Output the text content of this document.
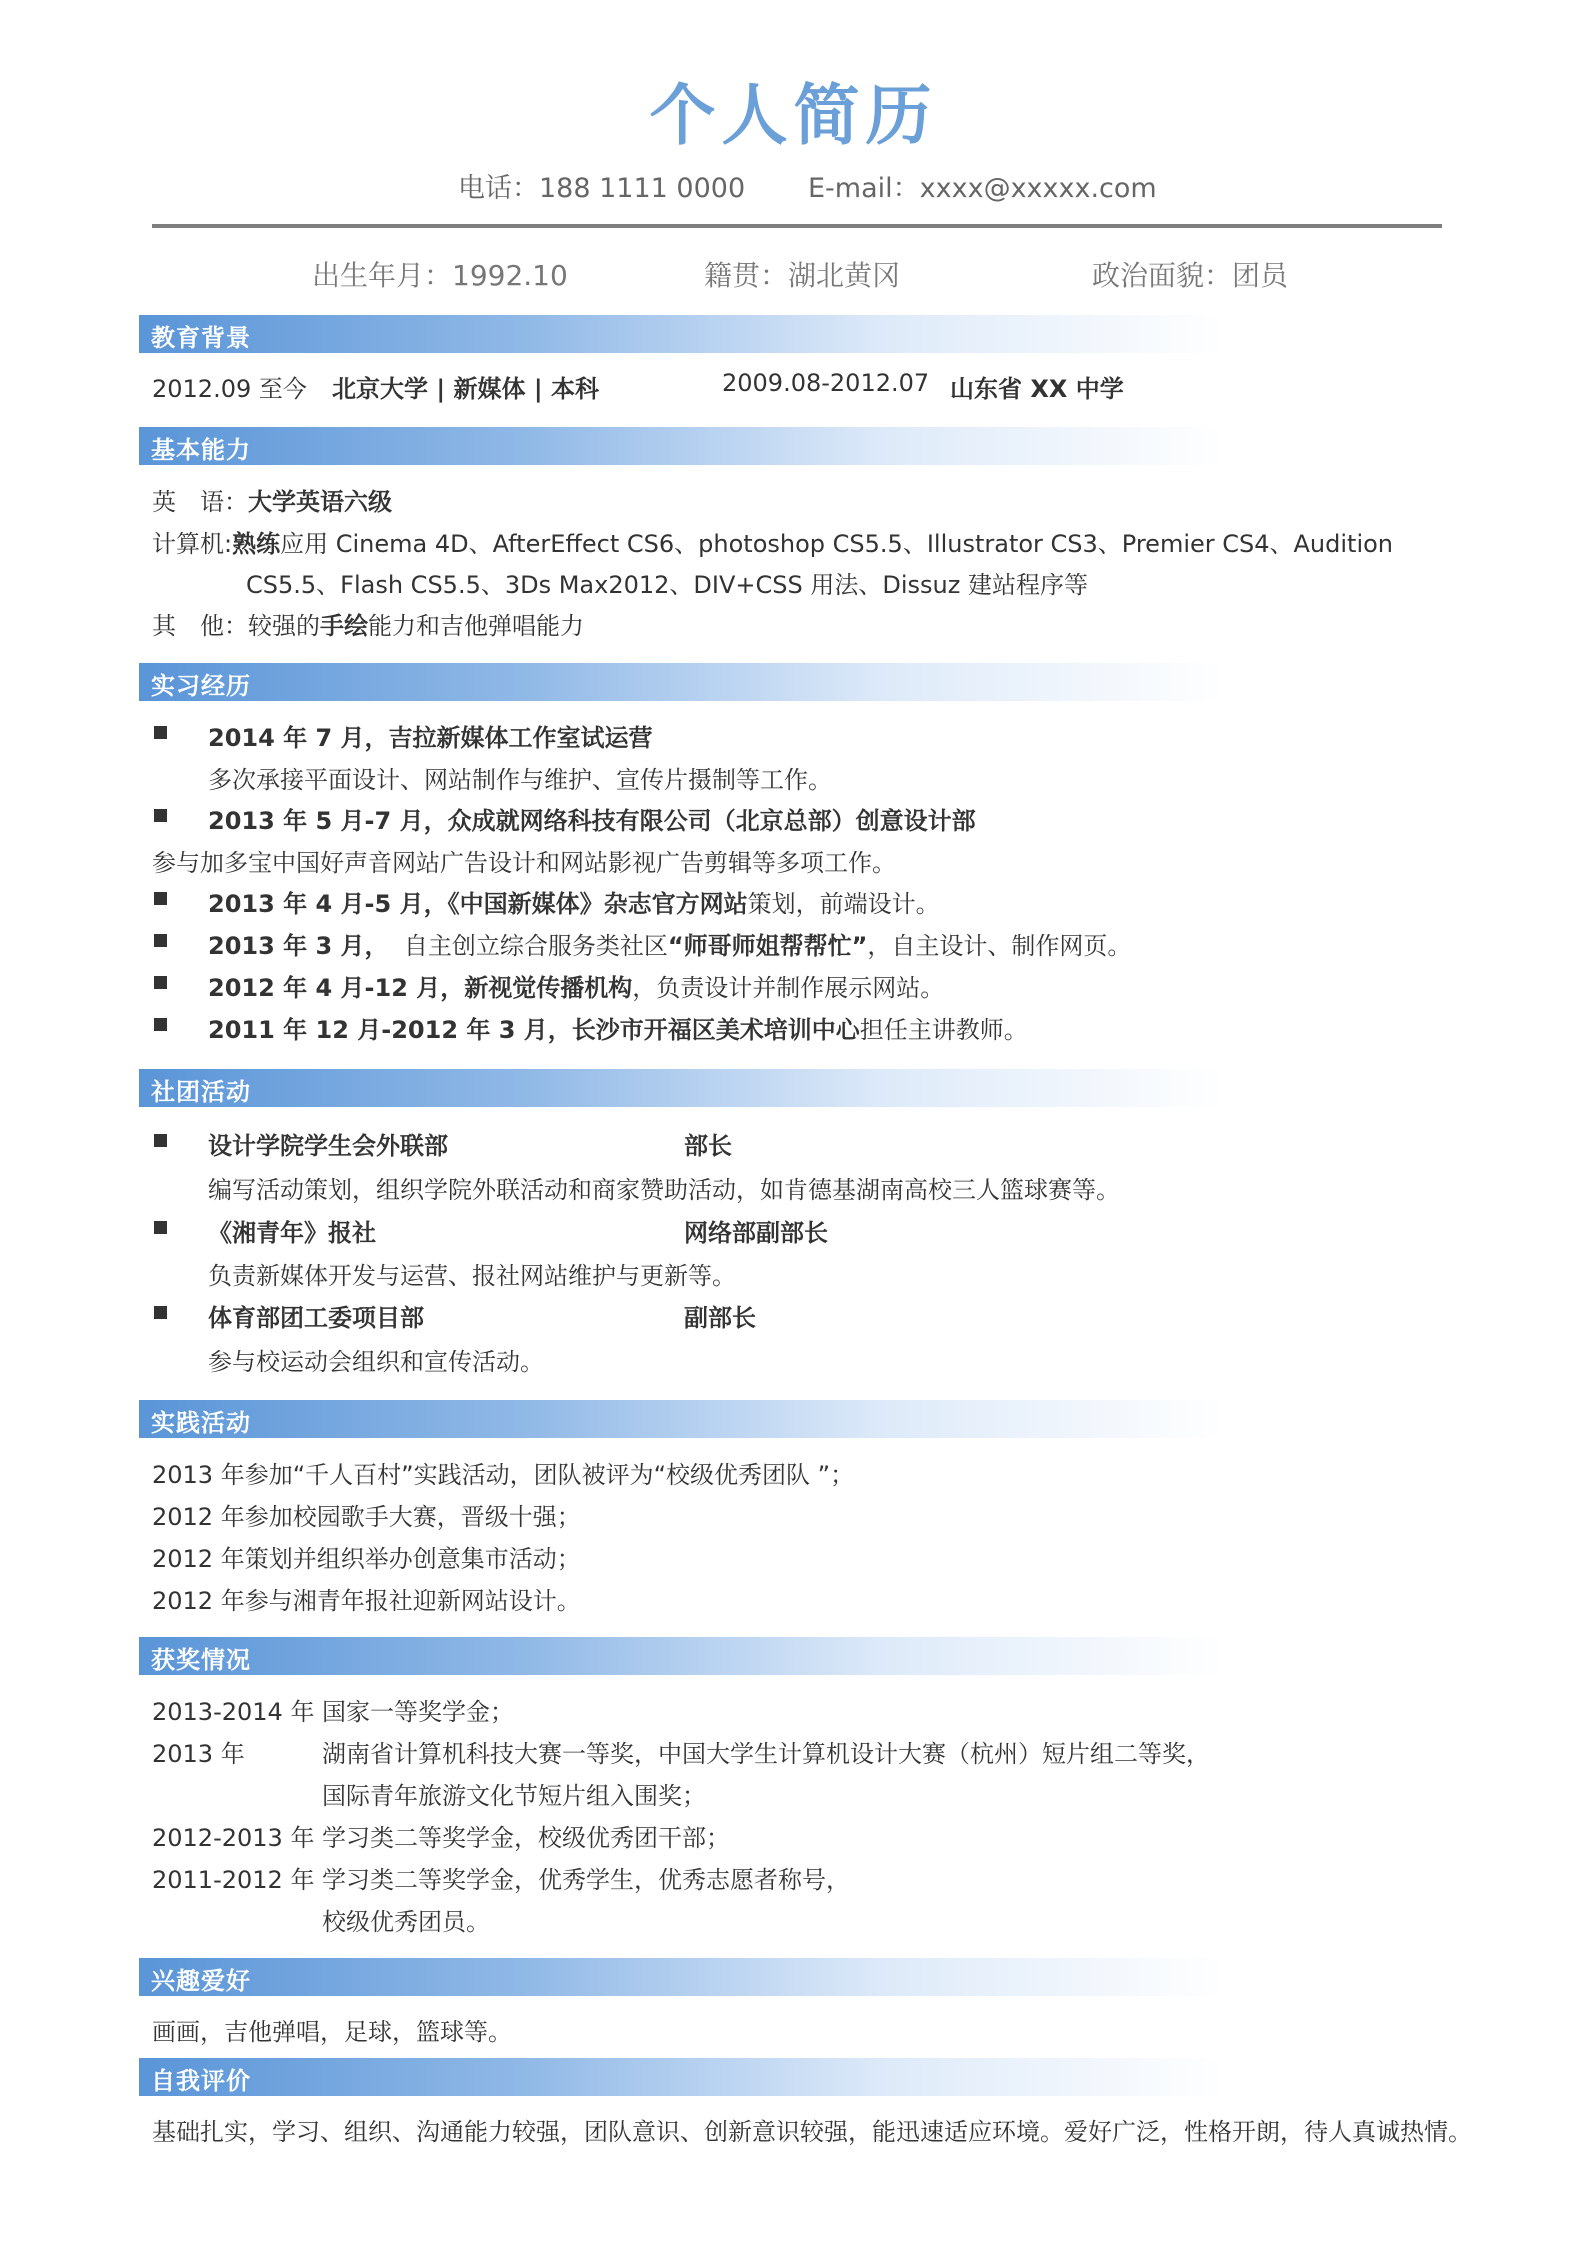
个人简历
电话：188 1111 0000 E-mail：xxxx@xxxxx.com
出生年月：1992.10	籍贯：湖北黄冈	政治面貌：团员
教育背景
2012.09 至今 北京大学 | 新媒体 | 本科	2009.08-2012.07 山东省 XX 中学
基本能力
英　语：大学英语六级
计算机:熟练应用 Cinema 4D、AfterEffect CS6、photoshop CS5.5、Illustrator CS3、Premier CS4、Audition
CS5.5、Flash CS5.5、3Ds Max2012、DIV+CSS 用法、Dissuz 建站程序等
其　他：较强的手绘能力和吉他弹唱能力
实习经历
2014 年 7 月，吉拉新媒体工作室试运营
多次承接平面设计、网站制作与维护、宣传片摄制等工作。
2013 年 5 月-7 月，众成就网络科技有限公司（北京总部）创意设计部
参与加多宝中国好声音网站广告设计和网站影视广告剪辑等多项工作。
2013 年 4 月-5 月，《中国新媒体》杂志官方网站策划，前端设计。
2013 年 3 月， 自主创立综合服务类社区“师哥师姐帮帮忙”，自主设计、制作网页。
2012 年 4 月-12 月，新视觉传播机构，负责设计并制作展示网站。
2011 年 12 月-2012 年 3 月，长沙市开福区美术培训中心担任主讲教师。
社团活动
设计学院学生会外联部	部长
编写活动策划，组织学院外联活动和商家赞助活动，如肯德基湖南高校三人篮球赛等。
《湘青年》报社	网络部副部长
负责新媒体开发与运营、报社网站维护与更新等。
体育部团工委项目部	副部长
参与校运动会组织和宣传活动。
实践活动
2013 年参加“千人百村”实践活动，团队被评为“校级优秀团队 ”；
2012 年参加校园歌手大赛，晋级十强；
2012 年策划并组织举办创意集市活动；
2012 年参与湘青年报社迎新网站设计。
获奖情况
2013-2014 年 国家一等奖学金；
2013 年	湖南省计算机科技大赛一等奖，中国大学生计算机设计大赛（杭州）短片组二等奖，
国际青年旅游文化节短片组入围奖；
2012-2013 年 学习类二等奖学金，校级优秀团干部；
2011-2012 年 学习类二等奖学金，优秀学生，优秀志愿者称号，
校级优秀团员。
兴趣爱好
画画，吉他弹唱，足球，篮球等。
自我评价
基础扎实，学习、组织、沟通能力较强，团队意识、创新意识较强，能迅速适应环境。爱好广泛，性格开朗，待人真诚热情。
